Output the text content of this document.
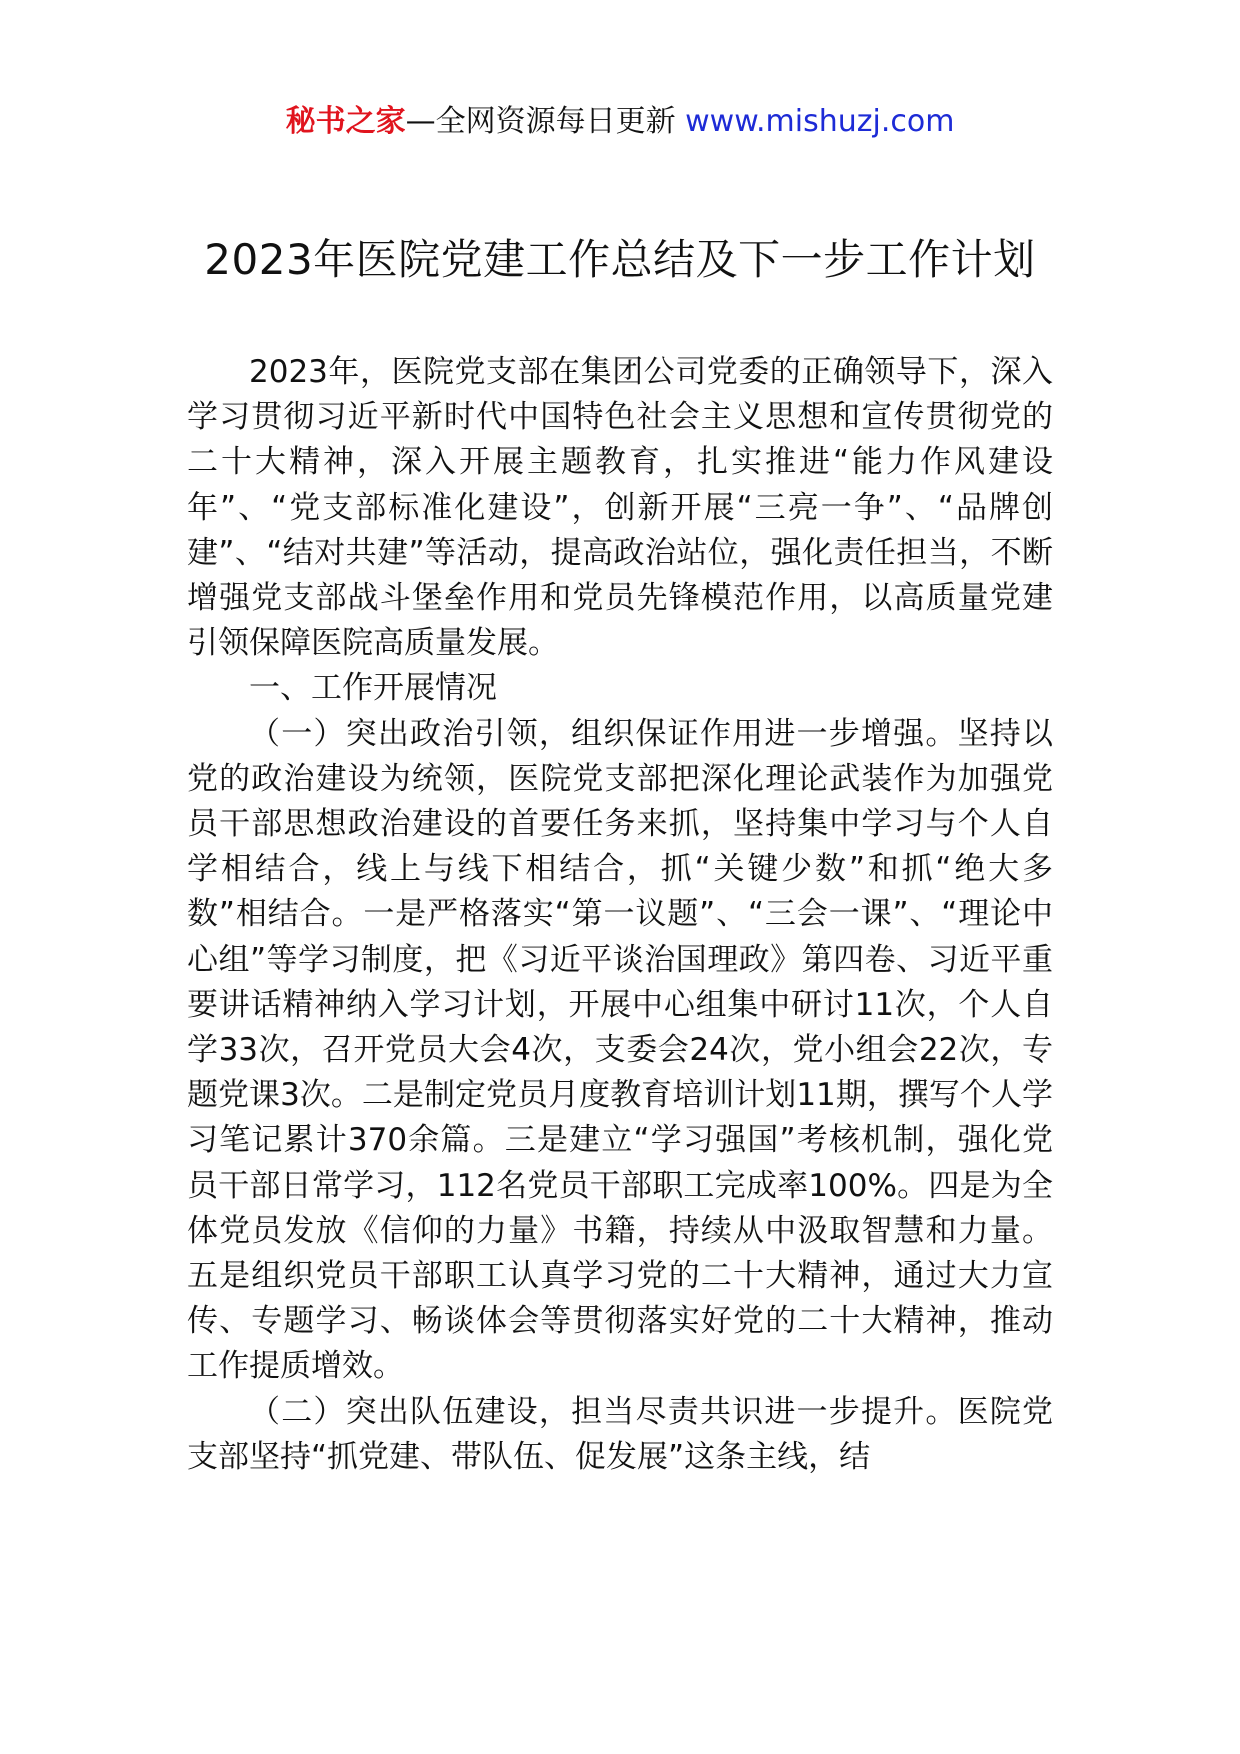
秘书之家—全网资源每日更新 www.mishuzj.com
2023年医院党建工作总结及下一步工作计划

2023年，医院党支部在集团公司党委的正确领导下，深入学习贯彻习近平新时代中国特色社会主义思想和宣传贯彻党的二十大精神，深入开展主题教育，扎实推进“能力作风建设年”、“党支部标准化建设”，创新开展“三亮一争”、“品牌创建”、“结对共建”等活动，提高政治站位，强化责任担当，不断增强党支部战斗堡垒作用和党员先锋模范作用，以高质量党建引领保障医院高质量发展。

一、工作开展情况

（一）突出政治引领，组织保证作用进一步增强。坚持以党的政治建设为统领，医院党支部把深化理论武装作为加强党员干部思想政治建设的首要任务来抓，坚持集中学习与个人自学相结合，线上与线下相结合，抓“关键少数”和抓“绝大多数”相结合。一是严格落实“第一议题”、“三会一课”、“理论中心组”等学习制度，把《习近平谈治国理政》第四卷、习近平重要讲话精神纳入学习计划，开展中心组集中研讨11次，个人自学33次，召开党员大会4次，支委会24次，党小组会22次，专题党课3次。二是制定党员月度教育培训计划11期，撰写个人学习笔记累计370余篇。三是建立“学习强国”考核机制，强化党员干部日常学习，112名党员干部职工完成率100%。四是为全体党员发放《信仰的力量》书籍，持续从中汲取智慧和力量。五是组织党员干部职工认真学习党的二十大精神，通过大力宣传、专题学习、畅谈体会等贯彻落实好党的二十大精神，推动工作提质增效。

（二）突出队伍建设，担当尽责共识进一步提升。医院党支部坚持“抓党建、带队伍、促发展”这条主线，结
